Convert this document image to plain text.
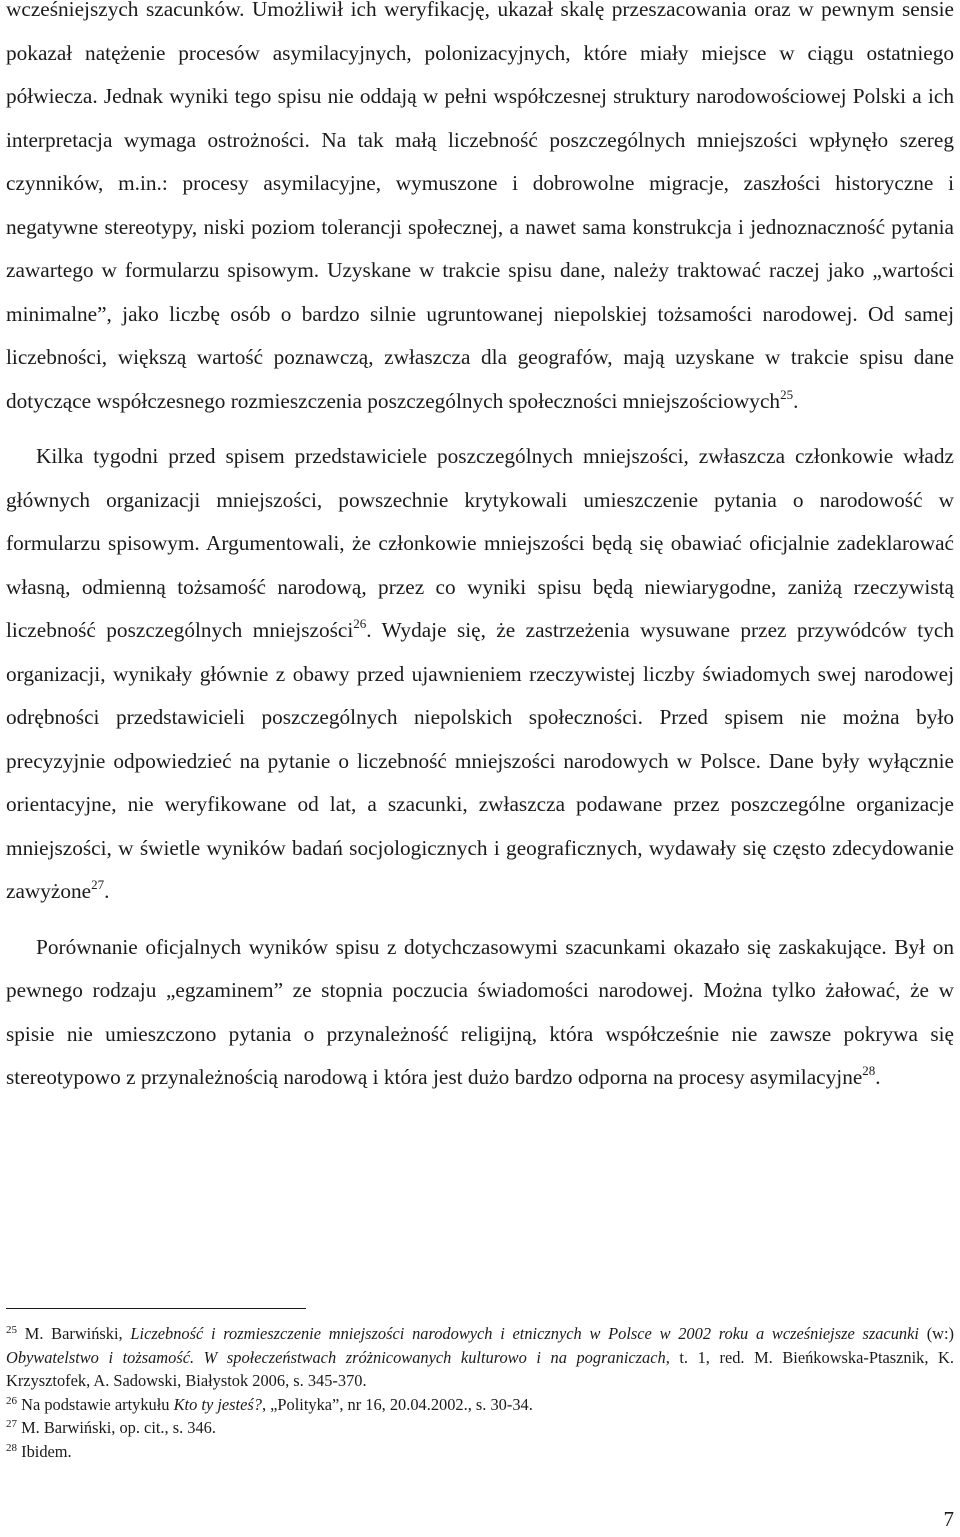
wcześniejszych szacunków. Umożliwił ich weryfikację, ukazał skalę przeszacowania oraz w pewnym sensie pokazał natężenie procesów asymilacyjnych, polonizacyjnych, które miały miejsce w ciągu ostatniego półwiecza. Jednak wyniki tego spisu nie oddają w pełni współczesnej struktury narodowościowej Polski a ich interpretacja wymaga ostrożności. Na tak małą liczebność poszczególnych mniejszości wpłynęło szereg czynników, m.in.: procesy asymilacyjne, wymuszone i dobrowolne migracje, zaszłości historyczne i negatywne stereotypy, niski poziom tolerancji społecznej, a nawet sama konstrukcja i jednoznaczność pytania zawartego w formularzu spisowym. Uzyskane w trakcie spisu dane, należy traktować raczej jako „wartości minimalne”, jako liczbę osób o bardzo silnie ugruntowanej niepolskiej tożsamości narodowej. Od samej liczebności, większą wartość poznawczą, zwłaszcza dla geografów, mają uzyskane w trakcie spisu dane dotyczące współczesnego rozmieszczenia poszczególnych społeczności mniejszościowych$^{25}$.

Kilka tygodni przed spisem przedstawiciele poszczególnych mniejszości, zwłaszcza członkowie władz głównych organizacji mniejszości, powszechnie krytykowali umieszczenie pytania o narodowość w formularzu spisowym. Argumentowali, że członkowie mniejszości będą się obawiać oficjalnie zadeklarować własną, odmienną tożsamość narodową, przez co wyniki spisu będą niewiarygodne, zaniżą rzeczywistą liczebność poszczególnych mniejszości$^{26}$. Wydaje się, że zastrzeżenia wysuwane przez przywódców tych organizacji, wynikały głównie z obawy przed ujawnieniem rzeczywistej liczby świadomych swej narodowej odrębności przedstawicieli poszczególnych niepolskich społeczności. Przed spisem nie można było precyzyjnie odpowiedzieć na pytanie o liczebność mniejszości narodowych w Polsce. Dane były wyłącznie orientacyjne, nie weryfikowane od lat, a szacunki, zwłaszcza podawane przez poszczególne organizacje mniejszości, w świetle wyników badań socjologicznych i geograficznych, wydawały się często zdecydowanie zawyżone$^{27}$.

Porównanie oficjalnych wyników spisu z dotychczasowymi szacunkami okazało się zaskakujące. Był on pewnego rodzaju „egzaminem” ze stopnia poczucia świadomości narodowej. Można tylko żałować, że w spisie nie umieszczono pytania o przynależność religijną, która współcześnie nie zawsze pokrywa się stereotypowo z przynależnością narodową i która jest dużo bardzo odporna na procesy asymilacyjne$^{28}$.

$^{25}$ M. Barwiński, Liczebność i rozmieszczenie mniejszości narodowych i etnicznych w Polsce w 2002 roku a wcześniejsze szacunki (w:) Obywatelstwo i tożsamość. W społeczeństwach zróżnicowanych kulturowo i na pograniczach, t. 1, red. M. Bieńkowska-Ptasznik, K. Krzysztofek, A. Sadowski, Białystok 2006, s. 345-370.

$^{26}$ Na podstawie artykułu Kto ty jesteś?, „Polityka”, nr 16, 20.04.2002., s. 30-34.

$^{27}$ M. Barwiński, op. cit., s. 346.

$^{28}$ Ibidem.

7
